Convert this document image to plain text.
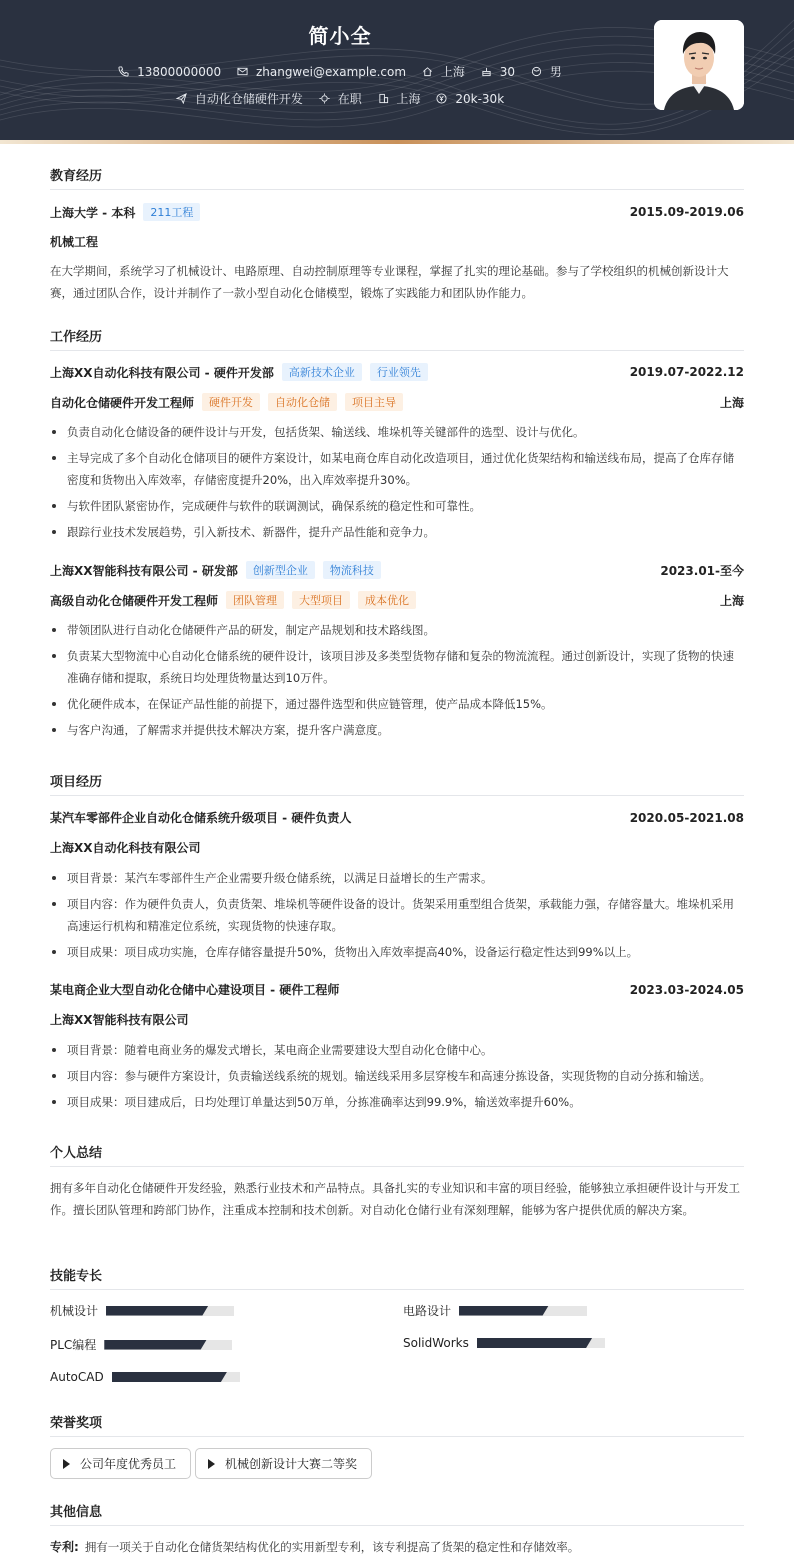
简小全
13800000000
	zhangwei@example.com
	上海
	30
	男
自动化仓储硬件开发
	在职
	上海
	20k-30k
教育经历
上海大学 - 本科	211工程	2015.09-2019.06
机械工程
在大学期间，系统学习了机械设计、电路原理、自动控制原理等专业课程，掌握了扎实的理论基础。参与了学校组织的机械创新设计大赛，通过团队合作，设计并制作了一款小型自动化仓储模型，锻炼了实践能力和团队协作能力。
工作经历
上海XX自动化科技有限公司 - 硬件开发部	高新技术企业	行业领先	2019.07-2022.12
自动化仓储硬件开发工程师	硬件开发	自动化仓储	项目主导	上海
负责自动化仓储设备的硬件设计与开发，包括货架、输送线、堆垛机等关键部件的选型、设计与优化。
主导完成了多个自动化仓储项目的硬件方案设计，如某电商仓库自动化改造项目，通过优化货架结构和输送线布局，提高了仓库存储密度和货物出入库效率，存储密度提升20%，出入库效率提升30%。
与软件团队紧密协作，完成硬件与软件的联调测试，确保系统的稳定性和可靠性。
跟踪行业技术发展趋势，引入新技术、新器件，提升产品性能和竞争力。
上海XX智能科技有限公司 - 研发部	创新型企业	物流科技	2023.01-至今
高级自动化仓储硬件开发工程师	团队管理	大型项目	成本优化	上海
带领团队进行自动化仓储硬件产品的研发，制定产品规划和技术路线图。
负责某大型物流中心自动化仓储系统的硬件设计，该项目涉及多类型货物存储和复杂的物流流程。通过创新设计，实现了货物的快速准确存储和提取，系统日均处理货物量达到10万件。
优化硬件成本，在保证产品性能的前提下，通过器件选型和供应链管理，使产品成本降低15%。
与客户沟通，了解需求并提供技术解决方案，提升客户满意度。
项目经历
某汽车零部件企业自动化仓储系统升级项目 - 硬件负责人	2020.05-2021.08
上海XX自动化科技有限公司
项目背景：某汽车零部件生产企业需要升级仓储系统，以满足日益增长的生产需求。
项目内容：作为硬件负责人，负责货架、堆垛机等硬件设备的设计。货架采用重型组合货架，承载能力强，存储容量大。堆垛机采用高速运行机构和精准定位系统，实现货物的快速存取。
项目成果：项目成功实施，仓库存储容量提升50%，货物出入库效率提高40%，设备运行稳定性达到99%以上。
某电商企业大型自动化仓储中心建设项目 - 硬件工程师	2023.03-2024.05
上海XX智能科技有限公司
项目背景：随着电商业务的爆发式增长，某电商企业需要建设大型自动化仓储中心。
项目内容：参与硬件方案设计，负责输送线系统的规划。输送线采用多层穿梭车和高速分拣设备，实现货物的自动分拣和输送。
项目成果：项目建成后，日均处理订单量达到50万单，分拣准确率达到99.9%，输送效率提升60%。
个人总结
拥有多年自动化仓储硬件开发经验，熟悉行业技术和产品特点。具备扎实的专业知识和丰富的项目经验，能够独立承担硬件设计与开发工作。擅长团队管理和跨部门协作，注重成本控制和技术创新。对自动化仓储行业有深刻理解，能够为客户提供优质的解决方案。
技能专长
机械设计	电路设计
PLC编程	SolidWorks
AutoCAD
荣誉奖项
公司年度优秀员工	机械创新设计大赛二等奖
其他信息
专利: 拥有一项关于自动化仓储货架结构优化的实用新型专利，该专利提高了货架的稳定性和存储效率。
